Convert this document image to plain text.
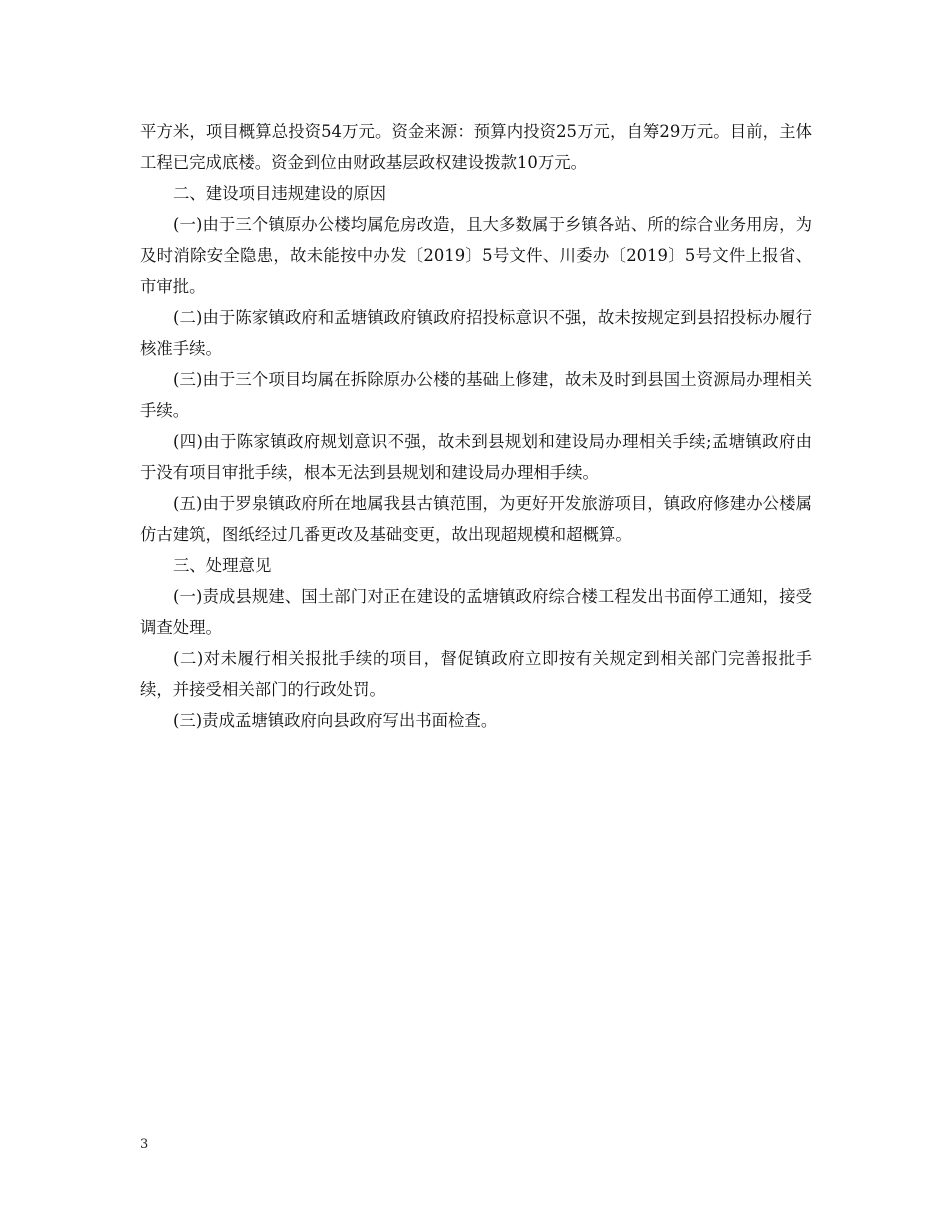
平方米，项目概算总投资54万元。资金来源：预算内投资25万元，自筹29万元。目前，主体工程已完成底楼。资金到位由财政基层政权建设拨款10万元。

二、建设项目违规建设的原因

(一)由于三个镇原办公楼均属危房改造，且大多数属于乡镇各站、所的综合业务用房，为及时消除安全隐患，故未能按中办发〔2019〕5号文件、川委办〔2019〕5号文件上报省、市审批。

(二)由于陈家镇政府和孟塘镇政府镇政府招投标意识不强，故未按规定到县招投标办履行核准手续。

(三)由于三个项目均属在拆除原办公楼的基础上修建，故未及时到县国土资源局办理相关手续。

(四)由于陈家镇政府规划意识不强，故未到县规划和建设局办理相关手续;孟塘镇政府由于没有项目审批手续，根本无法到县规划和建设局办理相手续。

(五)由于罗泉镇政府所在地属我县古镇范围，为更好开发旅游项目，镇政府修建办公楼属仿古建筑，图纸经过几番更改及基础变更，故出现超规模和超概算。

三、处理意见

(一)责成县规建、国土部门对正在建设的孟塘镇政府综合楼工程发出书面停工通知，接受调查处理。

(二)对未履行相关报批手续的项目，督促镇政府立即按有关规定到相关部门完善报批手续，并接受相关部门的行政处罚。

(三)责成孟塘镇政府向县政府写出书面检查。

3
